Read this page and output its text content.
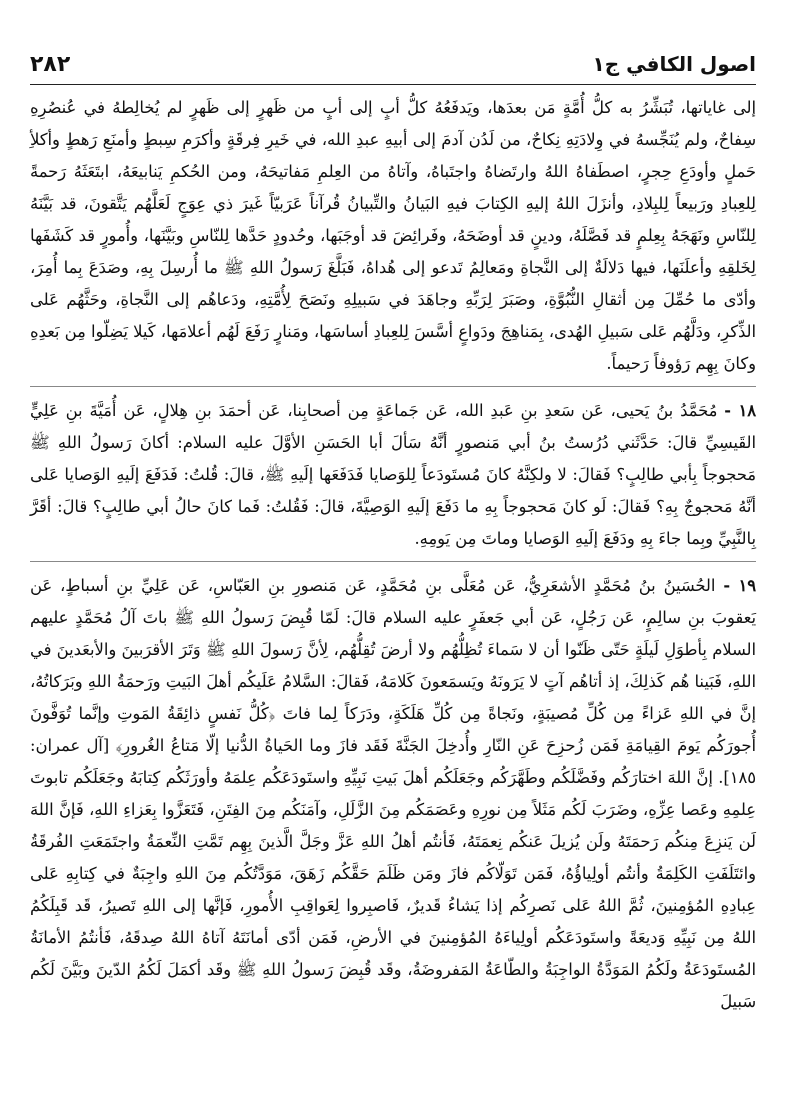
٢٨٢	اصول الكافي ج١

إلى غاياتها، تُبَشِّرُ به كلُّ أُمَّةٍ مَن بعدَها، ويَدفَعُهُ كلُّ أبٍ إلى أبٍ من ظَهرٍ إلى ظَهرٍ لم يُخالِطهُ في عُنصُرِهِ سِفاحٌ، ولم يُنَجِّسهُ في وِلادَتِهِ نِكاحٌ، من لَدُن آدمَ إلى أبيهِ عبدِ الله، في خَيرِ فِرقَةٍ وأكرَمِ سِبطٍ وأمنَعِ رَهطٍ وأكلأِ حَملٍ وأودَعِ حِجرٍ، اصطَفاهُ اللهُ وارتَضاهُ واجتَباهُ، وآتاهُ من العِلمِ مَفاتيحَهُ، ومن الحُكمِ يَنابيعَهُ، ابتَعَثَهُ رَحمةً لِلعِبادِ ورَبيعاً لِلبِلادِ، وأنزَلَ اللهُ إليهِ الكِتابَ فيهِ البَيانُ والتِّبيانُ قُرآناً عَرَبيّاً غَيرَ ذي عِوَجٍ لَعَلَّهُم يَتَّقونَ، قد بَيَّنَهُ لِلنّاسِ ونَهَجَهُ بِعِلمٍ قد فَصَّلَهُ، ودينٍ قد أوضَحَهُ، وفَرائِضَ قد أوجَبَها، وحُدودٍ حَدَّها لِلنّاسِ وبَيَّنَها، وأُمورٍ قد كَشَفَها لِخَلقِهِ وأعلَنَها، فيها دَلالَةٌ إلى النَّجاةِ ومَعالِمُ تَدعو إلى هُداهُ، فَبَلَّغَ رَسولُ اللهِ ﷺ ما أُرسِلَ بِهِ، وصَدَعَ بِما أُمِرَ، وأدّى ما حُمِّلَ مِن أثقالِ النُّبُوَّةِ، وصَبَرَ لِرَبِّهِ وجاهَدَ في سَبيلِهِ ونَصَحَ لِأُمَّتِهِ، ودَعاهُم إلى النَّجاةِ، وحَثَّهُم عَلى الذِّكرِ، ودَلَّهُم عَلى سَبيلِ الهُدى، بِمَناهِجَ ودَواعٍ أسَّسَ لِلعِبادِ أساسَها، ومَنارٍ رَفَعَ لَهُم أعلامَها، كَيلا يَضِلّوا مِن بَعدِهِ وكانَ بِهِم رَؤوفاً رَحيماً.

١٨ - مُحَمَّدُ بنُ يَحيى، عَن سَعدِ بنِ عَبدِ الله، عَن جَماعَةٍ مِن أصحابِنا، عَن أحمَدَ بنِ هِلالٍ، عَن أُمَيَّةَ بنِ عَلِيٍّ القَيسِيِّ قالَ: حَدَّثَني دُرُستُ بنُ أبي مَنصورٍ أنَّهُ سَألَ أبا الحَسَنِ الأوَّلَ عليه السلام: أكانَ رَسولُ اللهِ ﷺ مَحجوجاً بِأبي طالِبٍ؟ فَقالَ: لا ولكِنَّهُ كانَ مُستَودَعاً لِلوَصايا فَدَفَعَها إلَيهِ ﷺ، قالَ: قُلتُ: فَدَفَعَ إلَيهِ الوَصايا عَلى أنَّهُ مَحجوجٌ بِهِ؟ فَقالَ: لَو كانَ مَحجوجاً بِهِ ما دَفَعَ إلَيهِ الوَصِيَّةَ، قالَ: فَقُلتُ: فَما كانَ حالُ أبي طالِبٍ؟ قالَ: أقَرَّ بِالنَّبِيِّ وبِما جاءَ بِهِ ودَفَعَ إلَيهِ الوَصايا وماتَ مِن يَومِهِ.

١٩ - الحُسَينُ بنُ مُحَمَّدٍ الأشعَرِيُّ، عَن مُعَلَّى بنِ مُحَمَّدٍ، عَن مَنصورِ بنِ العَبّاسِ، عَن عَلِيِّ بنِ أسباطٍ، عَن يَعقوبَ بنِ سالِمٍ، عَن رَجُلٍ، عَن أبي جَعفَرٍ عليه السلام قالَ: لَمّا قُبِضَ رَسولُ اللهِ ﷺ باتَ آلُ مُحَمَّدٍ عليهم السلام بِأطوَلِ لَيلَةٍ حَتّى ظَنّوا أن لا سَماءَ تُظِلُّهُم ولا أرضَ تُقِلُّهُم، لِأنَّ رَسولَ اللهِ ﷺ وَتَرَ الأقرَبينَ والأبعَدينَ في اللهِ، فَبَينا هُم كَذلِكَ، إذ أتاهُم آتٍ لا يَرَونَهُ ويَسمَعونَ كَلامَهُ، فَقالَ: السَّلامُ عَلَيكُم أهلَ البَيتِ ورَحمَةُ اللهِ وبَرَكاتُهُ، إنَّ في اللهِ عَزاءً مِن كُلِّ مُصيبَةٍ، ونَجاةً مِن كُلِّ هَلَكَةٍ، ودَرَكاً لِما فاتَ ﴿كُلُّ نَفسٍ ذائِقَةُ المَوتِ وإنَّما تُوَفَّونَ أُجورَكُم يَومَ القِيامَةِ فَمَن زُحزِحَ عَنِ النّارِ وأُدخِلَ الجَنَّةَ فَقَد فازَ وما الحَياةُ الدُّنيا إلّا مَتاعُ الغُرورِ﴾ [آل عمران: ١٨٥]. إنَّ اللهَ اختارَكُم وفَضَّلَكُم وطَهَّرَكُم وجَعَلَكُم أهلَ بَيتِ نَبِيِّهِ واستَودَعَكُم عِلمَهُ وأورَثَكُم كِتابَهُ وجَعَلَكُم تابوتَ عِلمِهِ وعَصا عِزِّهِ، وضَرَبَ لَكُم مَثَلاً مِن نورِهِ وعَصَمَكُم مِنَ الزَّلَلِ، وآمَنَكُم مِنَ الفِتَنِ، فَتَعَزَّوا بِعَزاءِ اللهِ، فَإنَّ اللهَ لَن يَنزِعَ مِنكُم رَحمَتَهُ ولَن يُزيلَ عَنكُم نِعمَتَهُ، فَأنتُم أهلُ اللهِ عَزَّ وجَلَّ الَّذينَ بِهِم تَمَّتِ النِّعمَةُ واجتَمَعَتِ الفُرقَةُ وائتَلَفَتِ الكَلِمَةُ وأنتُم أولِياؤُهُ، فَمَن تَوَلّاكُم فازَ ومَن ظَلَمَ حَقَّكُم زَهَقَ، مَوَدَّتُكُم مِنَ اللهِ واجِبَةٌ في كِتابِهِ عَلى عِبادِهِ المُؤمِنينَ، ثُمَّ اللهُ عَلى نَصرِكُم إذا يَشاءُ قَديرٌ، فَاصبِروا لِعَواقِبِ الأُمورِ، فَإنَّها إلى اللهِ تَصيرُ، قَد قَبِلَكُمُ اللهُ مِن نَبِيِّهِ وَديعَةً واستَودَعَكُم أولِياءَهُ المُؤمِنينَ في الأرضِ، فَمَن أدّى أمانَتَهُ آتاهُ اللهُ صِدقَهُ، فَأنتُمُ الأمانَةُ المُستَودَعَةُ ولَكُمُ المَوَدَّةُ الواجِبَةُ والطّاعَةُ المَفروضَةُ، وقَد قُبِضَ رَسولُ اللهِ ﷺ وقَد أكمَلَ لَكُمُ الدّينَ وبَيَّنَ لَكُم سَبيلَ
